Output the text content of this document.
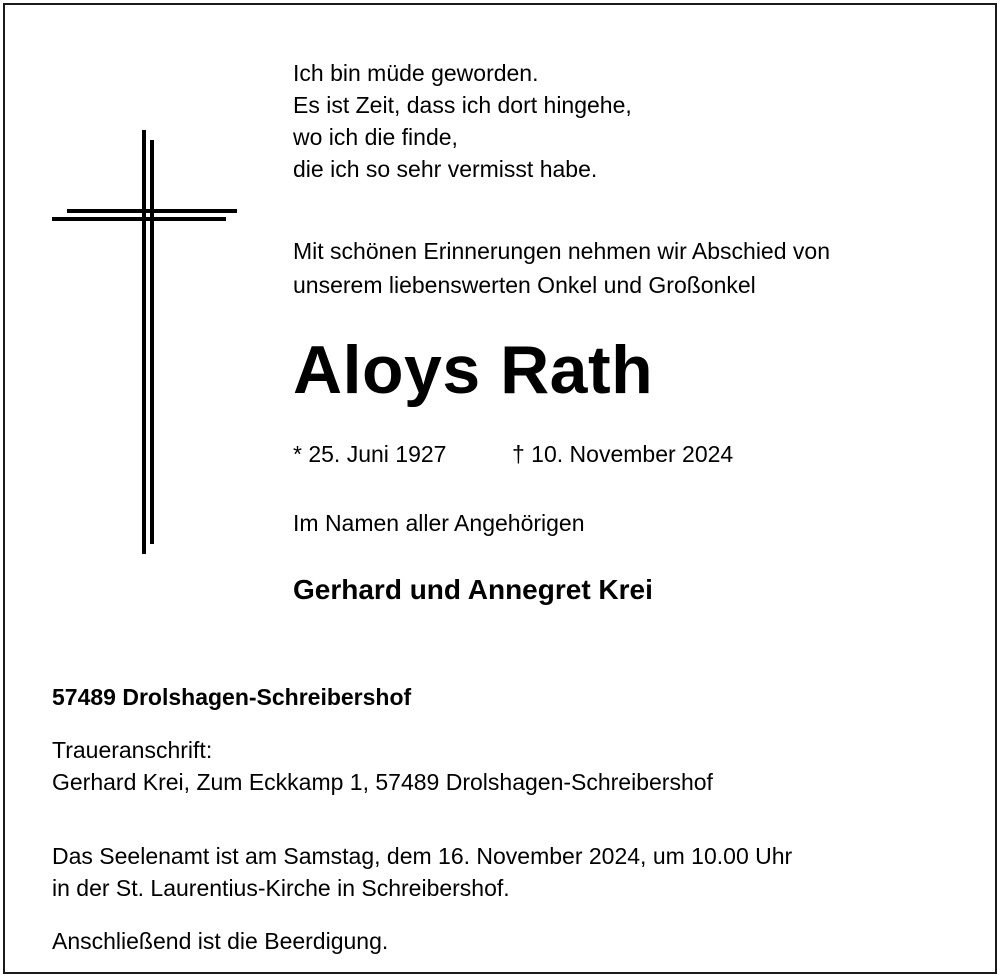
Ich bin müde geworden.
Es ist Zeit, dass ich dort hingehe,
wo ich die finde,
die ich so sehr vermisst habe.

Mit schönen Erinnerungen nehmen wir Abschied von
unserem liebenswerten Onkel und Großonkel

Aloys Rath

* 25. Juni 1927	† 10. November 2024

Im Namen aller Angehörigen

Gerhard und Annegret Krei

57489 Drolshagen-Schreibershof

Traueranschrift:
Gerhard Krei, Zum Eckkamp 1, 57489 Drolshagen-Schreibershof

Das Seelenamt ist am Samstag, dem 16. November 2024, um 10.00 Uhr
in der St. Laurentius-Kirche in Schreibershof.

Anschließend ist die Beerdigung.
